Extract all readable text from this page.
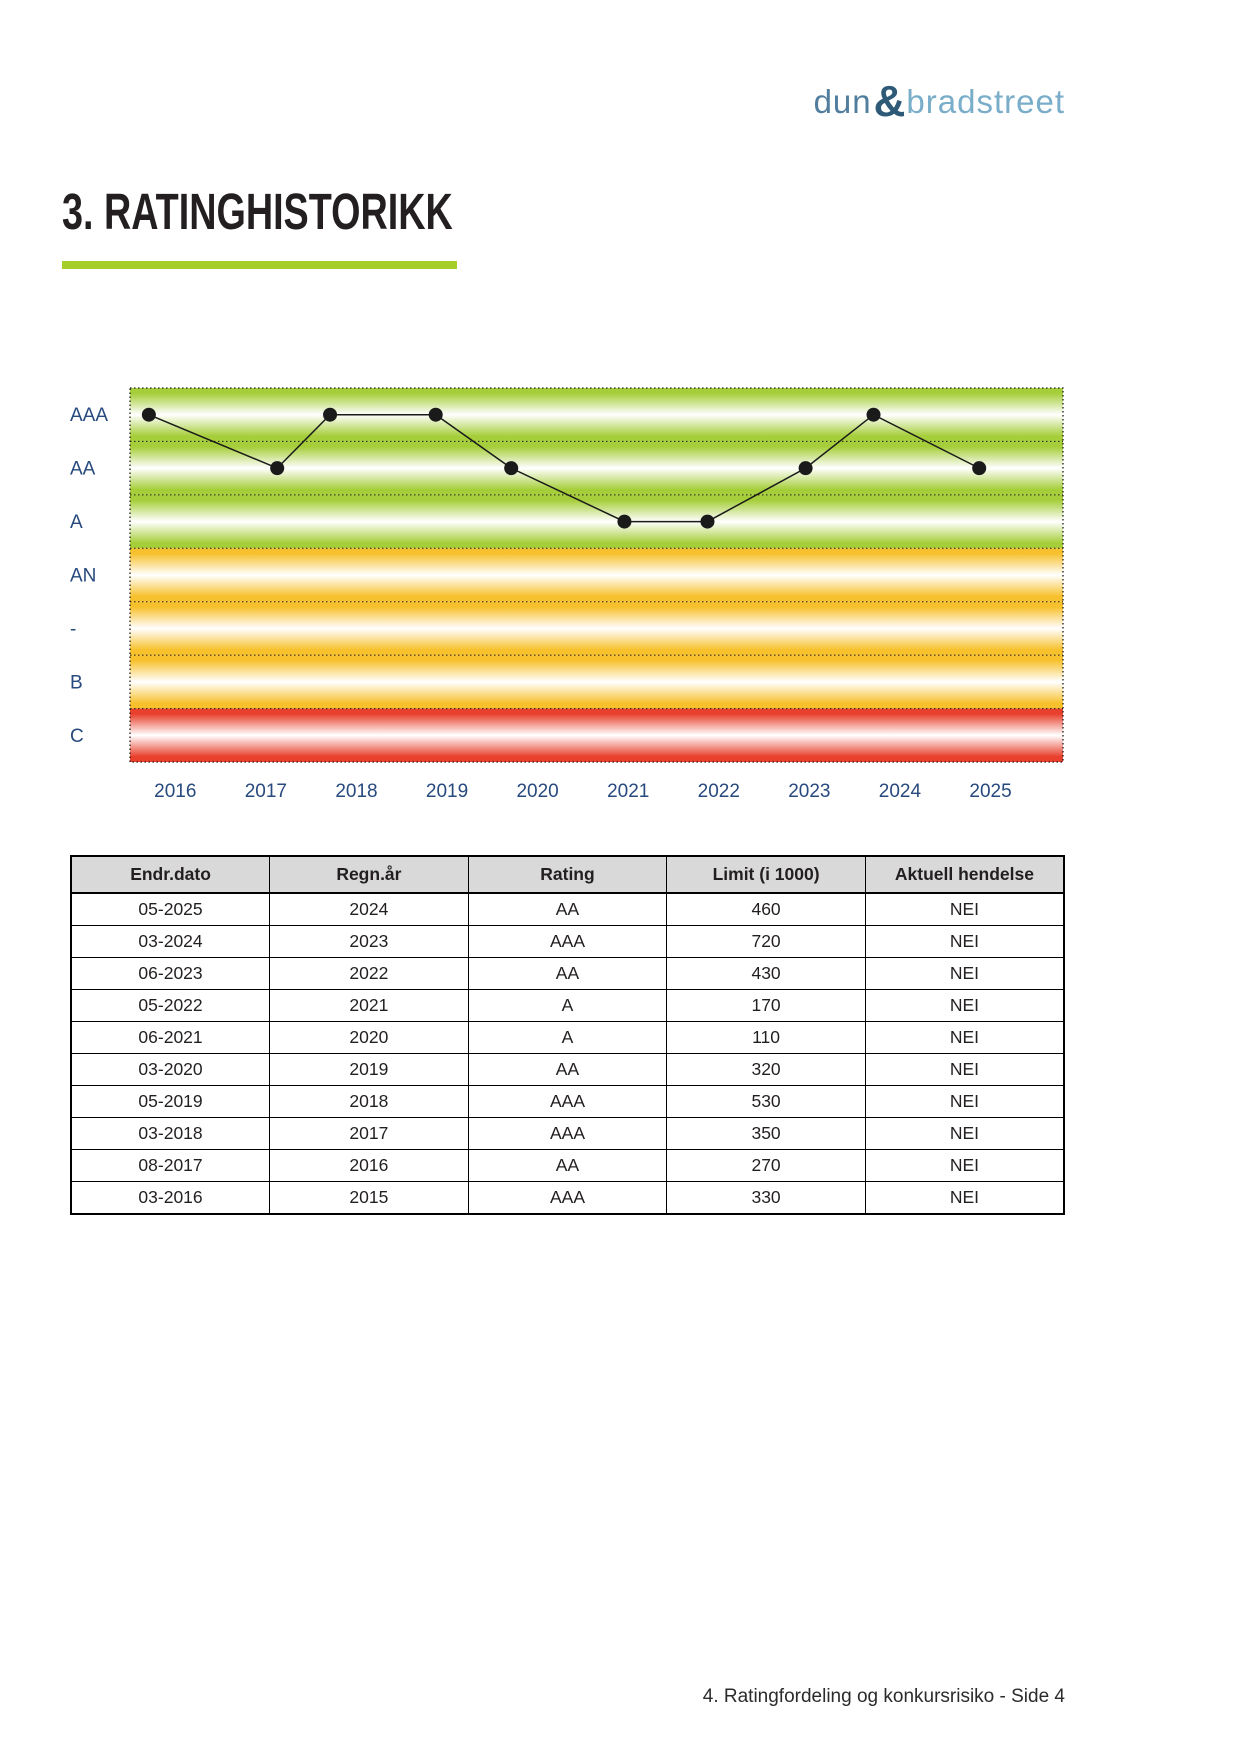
dun & bradstreet
3. RATINGHISTORIKK
AAA
AA
A
AN
-
B
C
2016	2017	2018	2019	2020	2021	2022	2023	2024	2025
Endr.dato	Regn.år	Rating	Limit (i 1000)	Aktuell hendelse
05-2025	2024	AA	460	NEI
03-2024	2023	AAA	720	NEI
06-2023	2022	AA	430	NEI
05-2022	2021	A	170	NEI
06-2021	2020	A	110	NEI
03-2020	2019	AA	320	NEI
05-2019	2018	AAA	530	NEI
03-2018	2017	AAA	350	NEI
08-2017	2016	AA	270	NEI
03-2016	2015	AAA	330	NEI
4. Ratingfordeling og konkursrisiko - Side 4
